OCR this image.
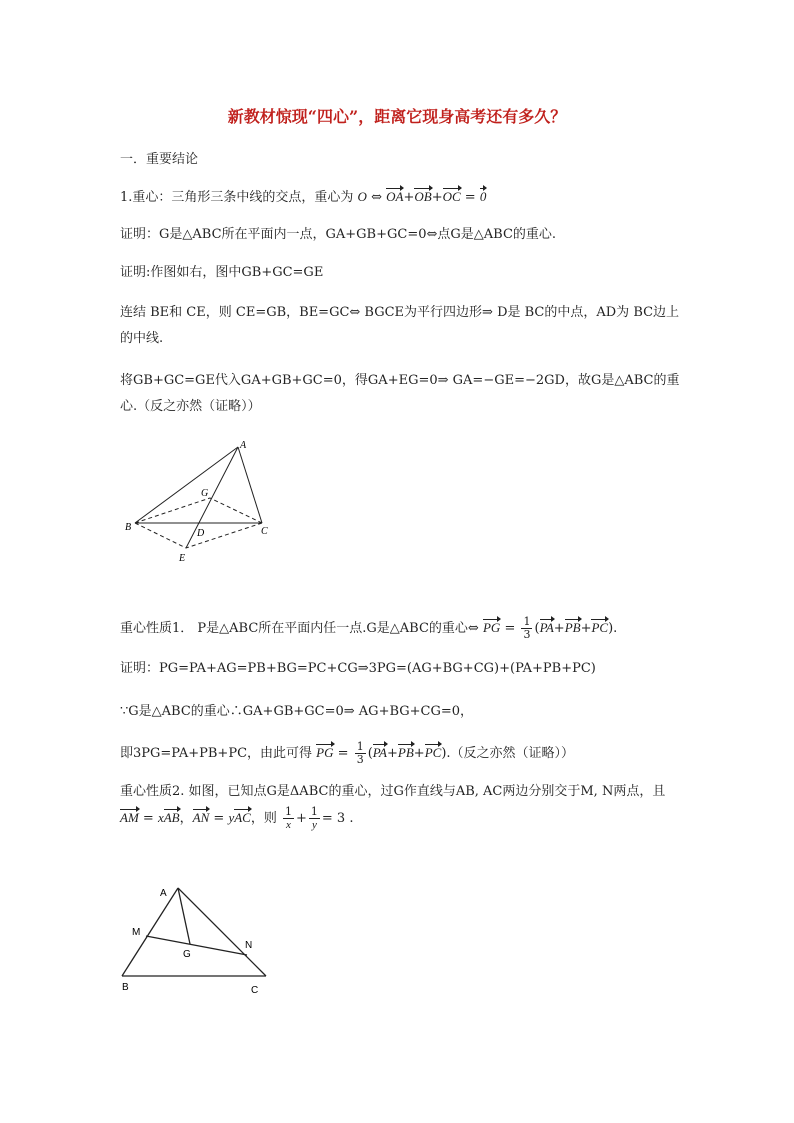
新教材惊现“四心”，距离它现身高考还有多久？
一．重要结论
1.重心：三角形三条中线的交点，重心为 O ⇔ OA+OB+OC = 0
证明：G是△ABC所在平面内一点，GA+GB+GC=0⇔点G是△ABC的重心.
证明:作图如右，图中GB+GC=GE
连结 BE和 CE，则 CE=GB，BE=GC⇔ BGCE为平行四边形⇒ D是 BC的中点，AD为 BC边上的中线.
将GB+GC=GE代入GA+GB+GC=0，得GA+EG=0⇒ GA=−GE=−2GD，故G是△ABC的重心.（反之亦然（证略））
A
B	C
G
D
E
重心性质1． P是△ABC所在平面内任一点.G是△ABC的重心⇔ PG = $\frac{1}{3} (PA+PB+PC)$.
证明：PG=PA+AG=PB+BG=PC+CG⇒3PG=(AG+BG+CG)+(PA+PB+PC)
∵G是△ABC的重心∴GA+GB+GC=0⇒ AG+BG+CG=0，
即3PG=PA+PB+PC，由此可得 PG = $\frac{1}{3} (PA+PB+PC)$.（反之亦然（证略））
重心性质2. 如图，已知点G是ΔABC的重心，过G作直线与AB, AC两边分别交于M, N两点，且 AM = xAB，AN = yAC，则 $\frac{1}{x} + \frac{1}{y} = 3$ .
A
M
G
N
B	C
